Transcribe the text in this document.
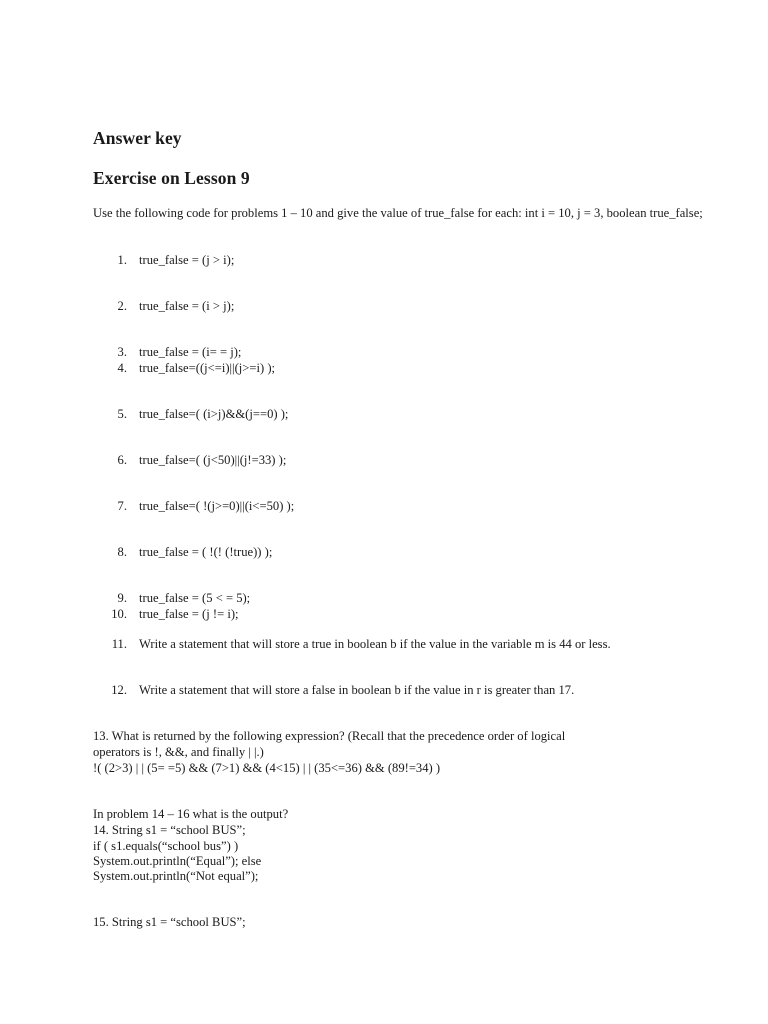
Answer key
Exercise on Lesson 9
Use the following code for problems 1 – 10 and give the value of true_false for each: int i = 10, j = 3, boolean true_false;
1. true_false = (j > i);
2. true_false = (i > j);
3. true_false = (i= = j);
4. true_false=((j<=i)||(j>=i) );
5. true_false=( (i>j)&&(j==0) );
6. true_false=( (j<50)||(j!=33) );
7. true_false=( !(j>=0)||(i<=50) );
8. true_false = ( !(! (!true)) );
9. true_false = (5 < = 5);
10. true_false = (j != i);
11. Write a statement that will store a true in boolean b if the value in the variable m is 44 or less.
12. Write a statement that will store a false in boolean b if the value in r is greater than 17.
13. What is returned by the following expression? (Recall that the precedence order of logical
operators is !, &&, and finally | |.)
!( (2>3) | | (5= =5) && (7>1) && (4<15) | | (35<=36) && (89!=34) )
In problem 14 – 16 what is the output?
14. String s1 = “school BUS”;
if ( s1.equals(“school bus”) )
System.out.println(“Equal”); else
System.out.println(“Not equal”);
15. String s1 = “school BUS”;
